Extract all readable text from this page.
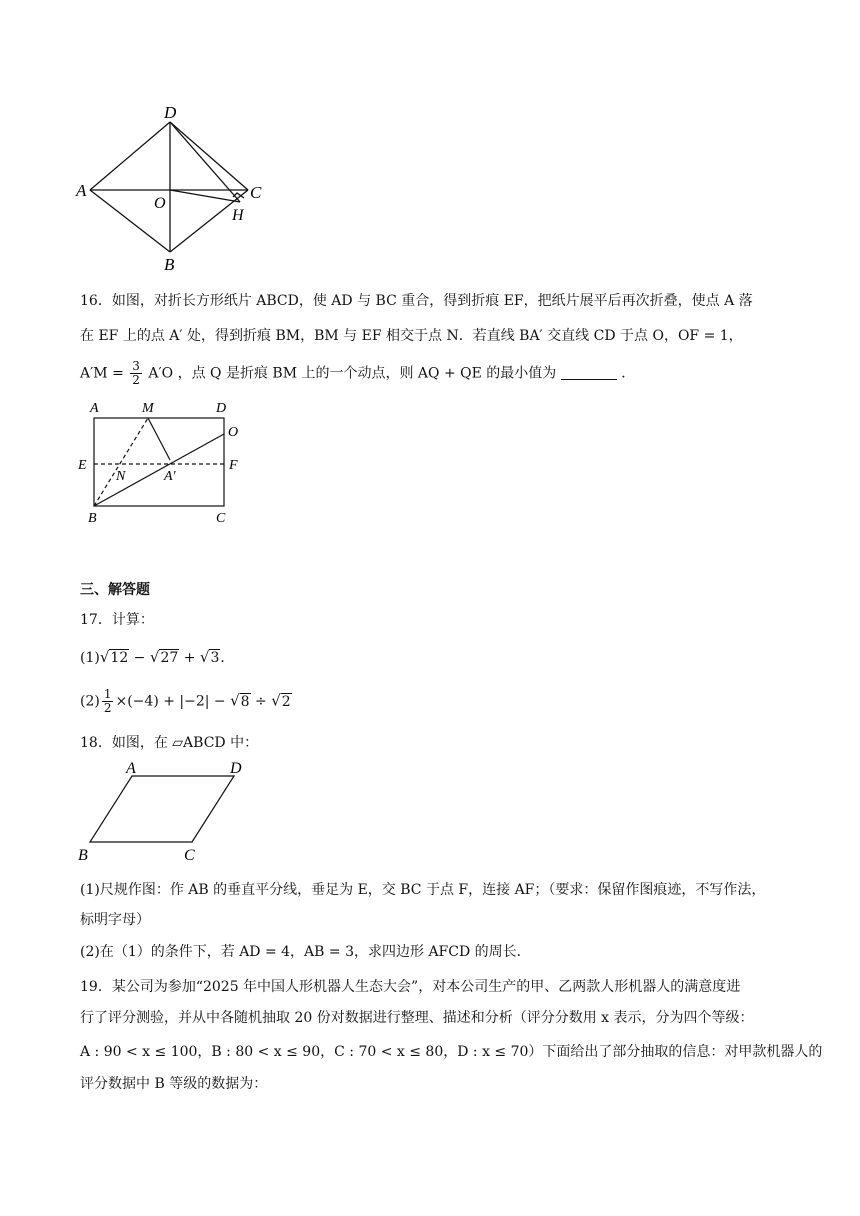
D
A
O
C
H
B
16．如图，对折长方形纸片 ABCD，使 AD 与 BC 重合，得到折痕 EF，把纸片展平后再次折叠，使点 A 落
在 EF 上的点 A′ 处，得到折痕 BM，BM 与 EF 相交于点 N．若直线 BA′ 交直线 CD 于点 O，OF = 1，
$A'M = \frac{3}{2} A'O$ ，点 Q 是折痕 BM 上的一个动点，则 AQ + QE 的最小值为	．
A	M	D
O
E
N	A′
F
B	C
三、解答题
17．计算：
(1)√12 − √27 + √3．
$(2) \frac{1}{2} \times(-4) + |-2| - √8 \div √2$
18．如图，在 ▱ABCD 中：
A	D
B	C
(1)尺规作图：作 AB 的垂直平分线，垂足为 E，交 BC 于点 F，连接 AF；（要求：保留作图痕迹，不写作法，
标明字母）
(2)在（1）的条件下，若 AD = 4，AB = 3，求四边形 AFCD 的周长．
19．某公司为参加“2025 年中国人形机器人生态大会”，对本公司生产的甲、乙两款人形机器人的满意度进
行了评分测验，并从中各随机抽取 20 份对数据进行整理、描述和分析（评分分数用 x 表示，分为四个等级：
A : 90 < x ≤ 100，B : 80 < x ≤ 90，C : 70 < x ≤ 80，D : x ≤ 70）下面给出了部分抽取的信息：对甲款机器人的
评分数据中 B 等级的数据为：
